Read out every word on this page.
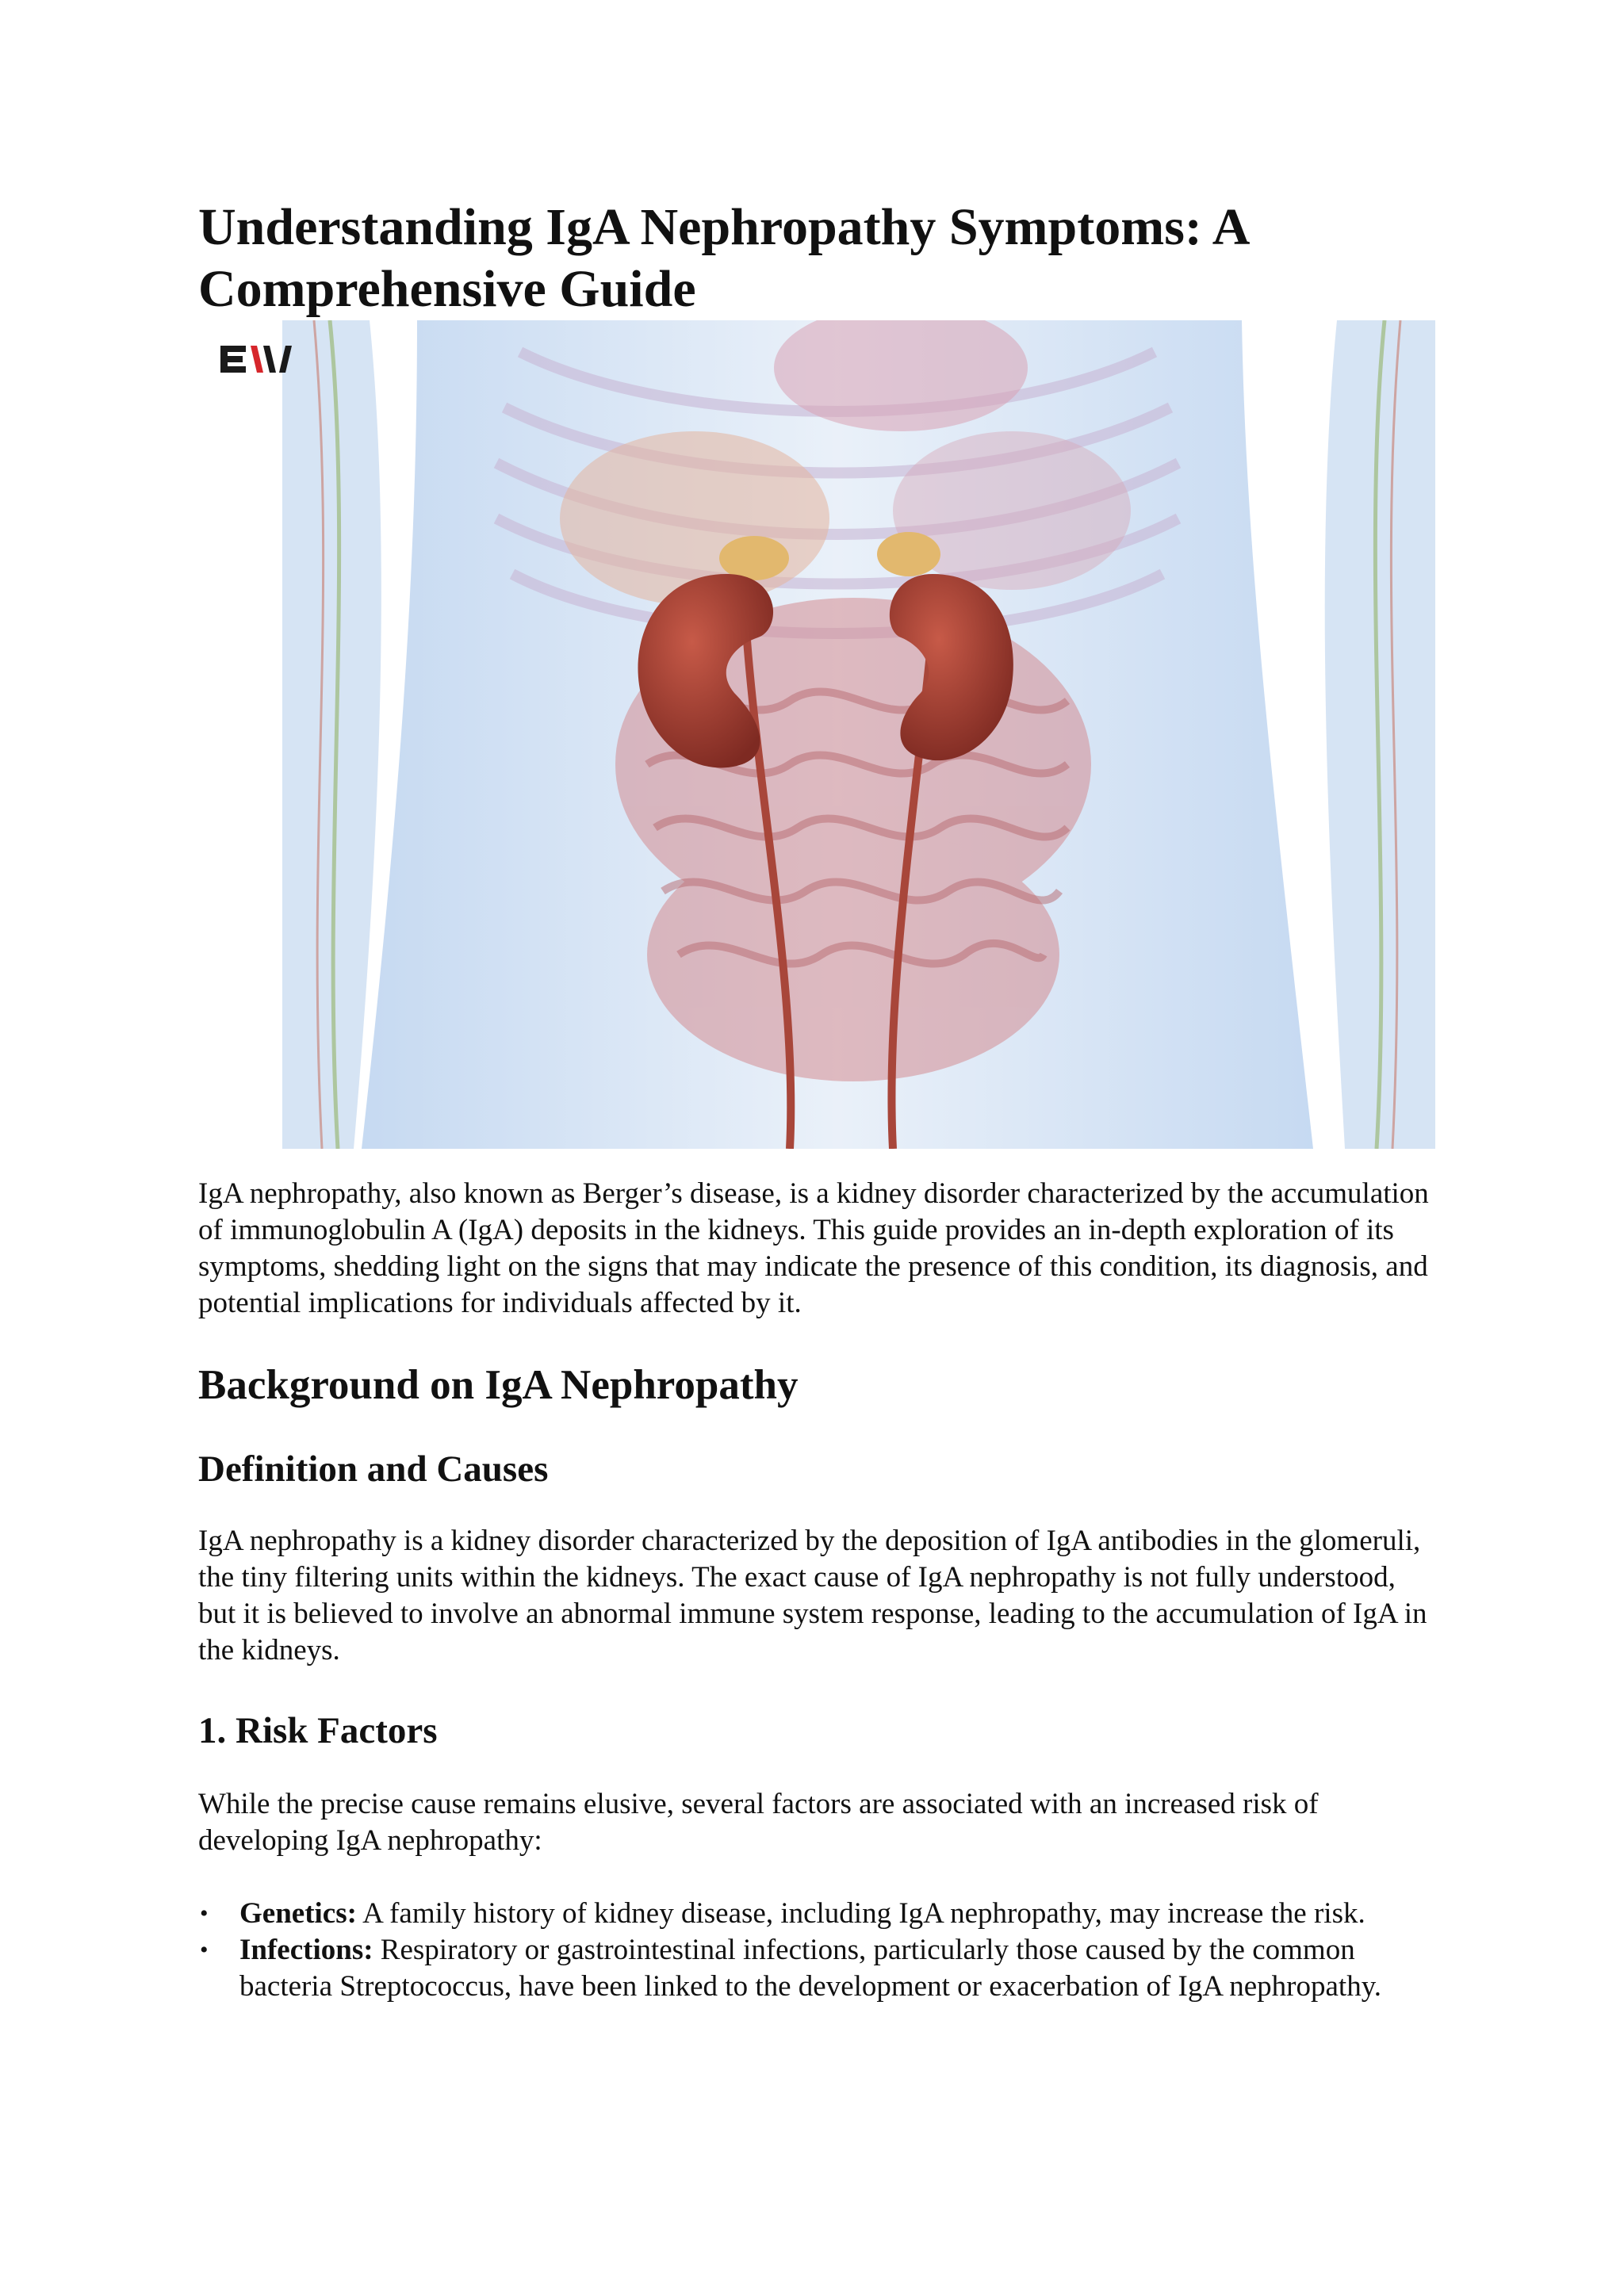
Understanding IgA Nephropathy Symptoms: A Comprehensive Guide

IgA nephropathy, also known as Berger’s disease, is a kidney disorder characterized by the accumulation of immunoglobulin A (IgA) deposits in the kidneys. This guide provides an in-depth exploration of its symptoms, shedding light on the signs that may indicate the presence of this condition, its diagnosis, and potential implications for individuals affected by it.

Background on IgA Nephropathy
Definition and Causes

IgA nephropathy is a kidney disorder characterized by the deposition of IgA antibodies in the glomeruli, the tiny filtering units within the kidneys. The exact cause of IgA nephropathy is not fully understood, but it is believed to involve an abnormal immune system response, leading to the accumulation of IgA in the kidneys.

1. Risk Factors

While the precise cause remains elusive, several factors are associated with an increased risk of developing IgA nephropathy:

• Genetics: A family history of kidney disease, including IgA nephropathy, may increase the risk.
• Infections: Respiratory or gastrointestinal infections, particularly those caused by the common bacteria Streptococcus, have been linked to the development or exacerbation of IgA nephropathy.
